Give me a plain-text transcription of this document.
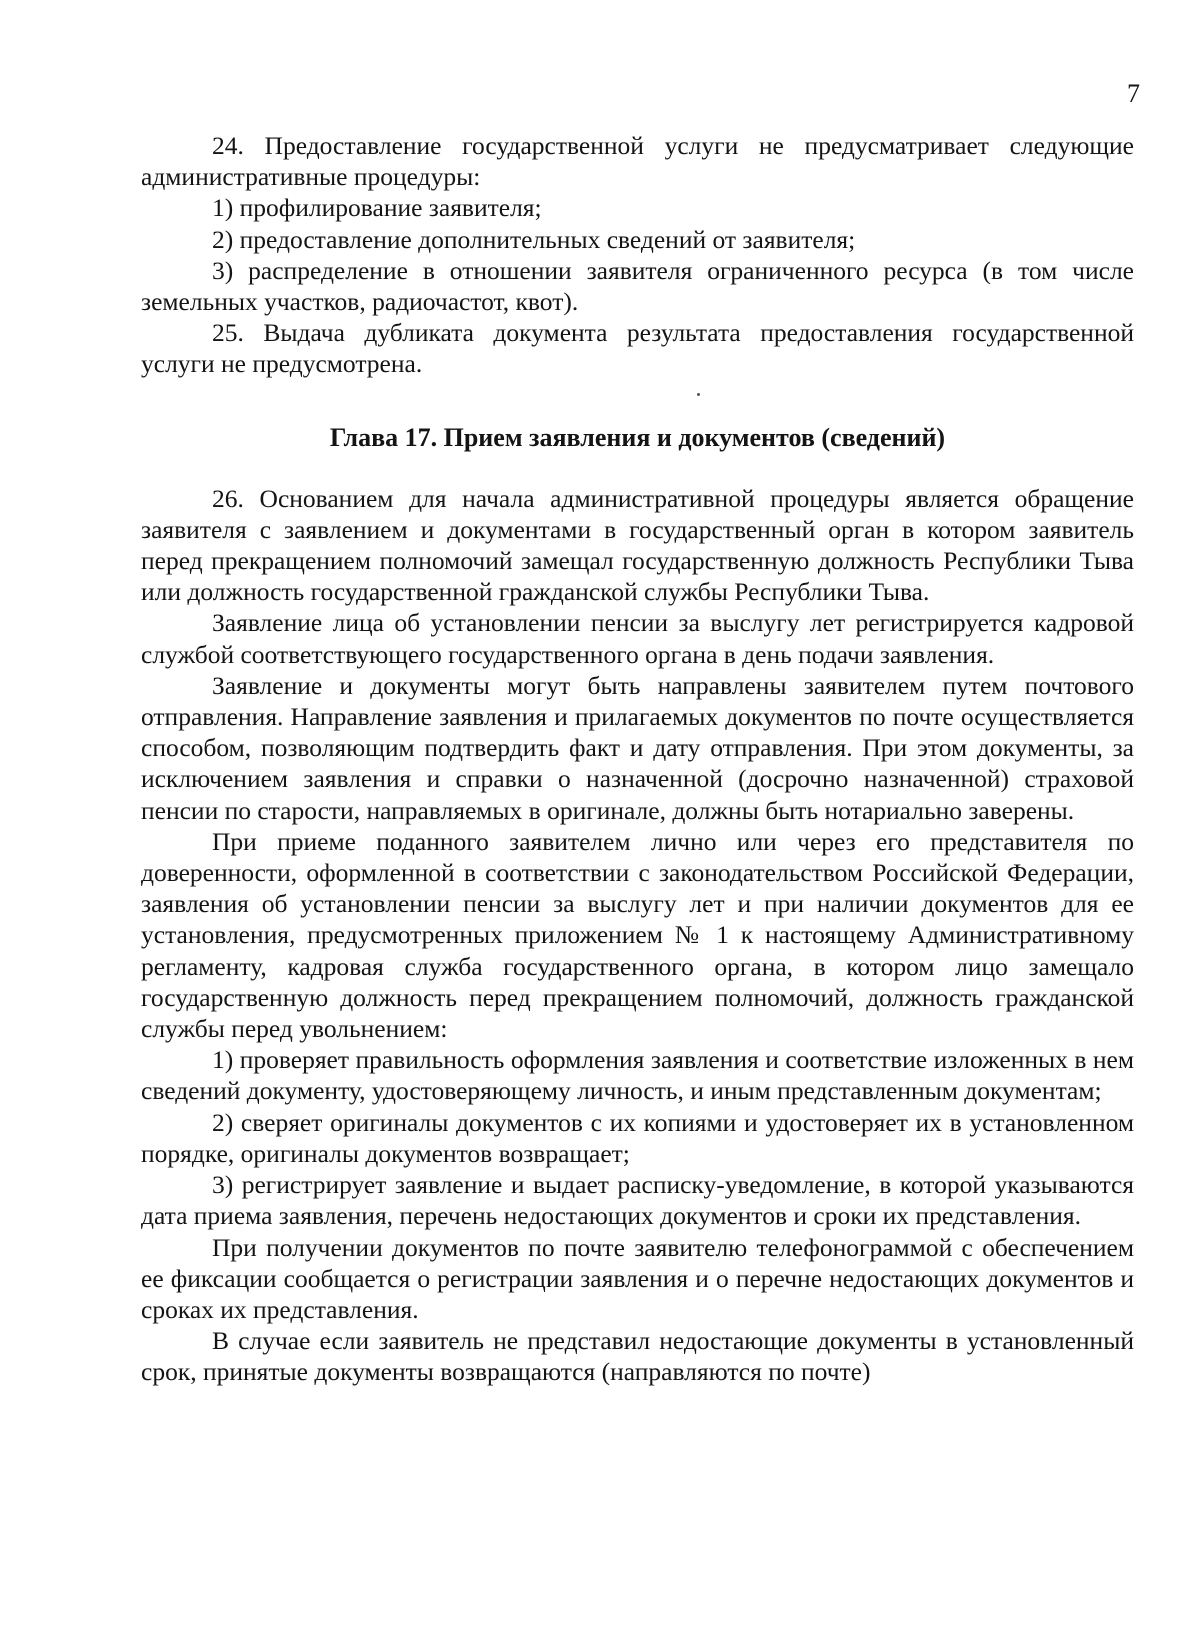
7

24. Предоставление государственной услуги не предусматривает следующие административные процедуры:

1) профилирование заявителя;

2) предоставление дополнительных сведений от заявителя;

3) распределение в отношении заявителя ограниченного ресурса (в том числе земельных участков, радиочастот, квот).

25. Выдача дубликата документа результата предоставления государственной услуги не предусмотрена.

Глава 17. Прием заявления и документов (сведений)

26. Основанием для начала административной процедуры является обращение заявителя с заявлением и документами в государственный орган в котором заявитель перед прекращением полномочий замещал государственную должность Республики Тыва или должность государственной гражданской службы Республики Тыва.

Заявление лица об установлении пенсии за выслугу лет регистрируется кадровой службой соответствующего государственного органа в день подачи заявления.

Заявление и документы могут быть направлены заявителем путем почтового отправления. Направление заявления и прилагаемых документов по почте осуществляется способом, позволяющим подтвердить факт и дату отправления. При этом документы, за исключением заявления и справки о назначенной (досрочно назначенной) страховой пенсии по старости, направляемых в оригинале, должны быть нотариально заверены.

При приеме поданного заявителем лично или через его представителя по доверенности, оформленной в соответствии с законодательством Российской Федерации, заявления об установлении пенсии за выслугу лет и при наличии документов для ее установления, предусмотренных приложением № 1 к настоящему Административному регламенту, кадровая служба государственного органа, в котором лицо замещало государственную должность перед прекращением полномочий, должность гражданской службы перед увольнением:

1) проверяет правильность оформления заявления и соответствие изложенных в нем сведений документу, удостоверяющему личность, и иным представленным документам;

2) сверяет оригиналы документов с их копиями и удостоверяет их в установленном порядке, оригиналы документов возвращает;

3) регистрирует заявление и выдает расписку-уведомление, в которой указываются дата приема заявления, перечень недостающих документов и сроки их представления.

При получении документов по почте заявителю телефонограммой с обеспечением ее фиксации сообщается о регистрации заявления и о перечне недостающих документов и сроках их представления.

В случае если заявитель не представил недостающие документы в установленный срок, принятые документы возвращаются (направляются по почте)
